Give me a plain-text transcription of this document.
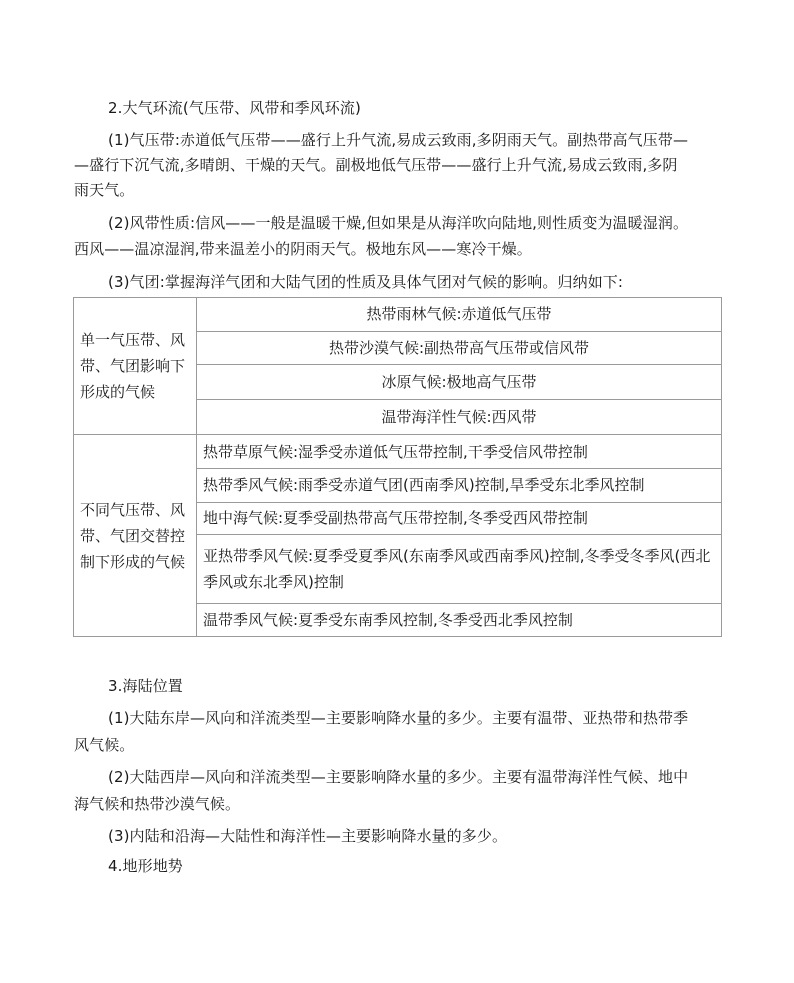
2.大气环流(气压带、风带和季风环流)
(1)气压带:赤道低气压带——盛行上升气流,易成云致雨,多阴雨天气。副热带高气压带—
—盛行下沉气流,多晴朗、干燥的天气。副极地低气压带——盛行上升气流,易成云致雨,多阴
雨天气。
(2)风带性质:信风——一般是温暖干燥,但如果是从海洋吹向陆地,则性质变为温暖湿润。
西风——温凉湿润,带来温差小的阴雨天气。极地东风——寒冷干燥。
(3)气团:掌握海洋气团和大陆气团的性质及具体气团对气候的影响。归纳如下:
单一气压带、风带、气团影响下形成的气候	热带雨林气候:赤道低气压带
	热带沙漠气候:副热带高气压带或信风带
	冰原气候:极地高气压带
	温带海洋性气候:西风带
不同气压带、风带、气团交替控制下形成的气候	热带草原气候:湿季受赤道低气压带控制,干季受信风带控制
	热带季风气候:雨季受赤道气团(西南季风)控制,旱季受东北季风控制
	地中海气候:夏季受副热带高气压带控制,冬季受西风带控制
	亚热带季风气候:夏季受夏季风(东南季风或西南季风)控制,冬季受冬季风(西北季风或东北季风)控制
	温带季风气候:夏季受东南季风控制,冬季受西北季风控制
3.海陆位置
(1)大陆东岸—风向和洋流类型—主要影响降水量的多少。主要有温带、亚热带和热带季
风气候。
(2)大陆西岸—风向和洋流类型—主要影响降水量的多少。主要有温带海洋性气候、地中
海气候和热带沙漠气候。
(3)内陆和沿海—大陆性和海洋性—主要影响降水量的多少。
4.地形地势
